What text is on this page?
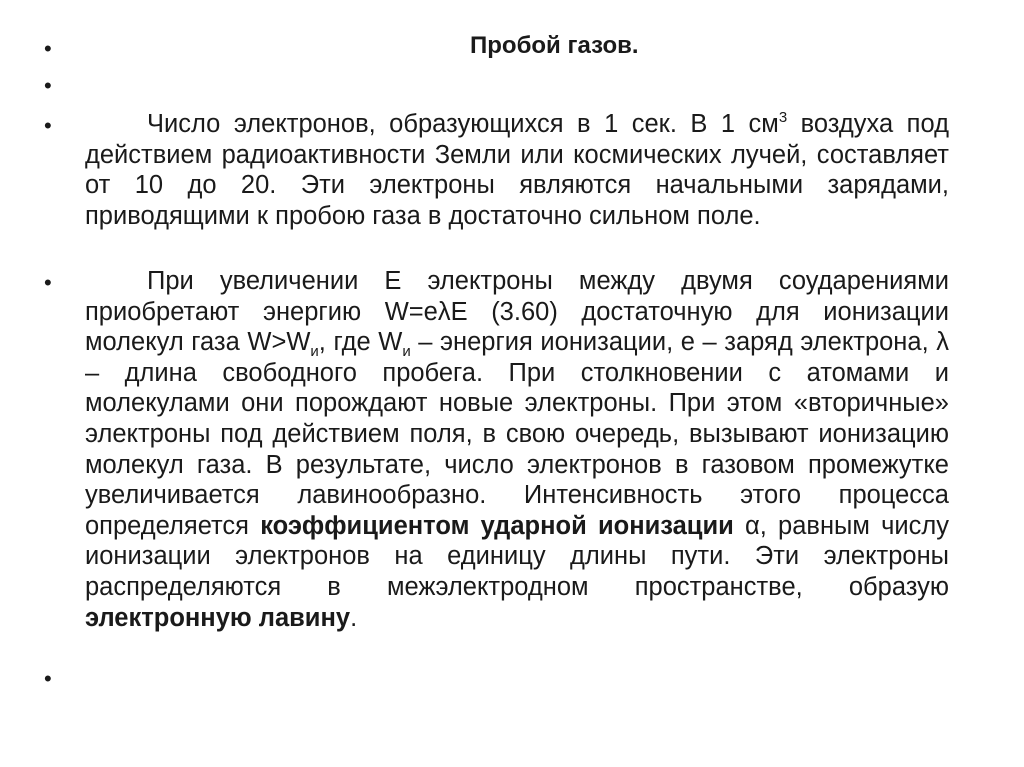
•	Пробой газов.
•
•	Число электронов, образующихся в 1 сек. В 1 $см^3$ воздуха под действием радиоактивности Земли или космических лучей, составляет от 10 до 20. Эти электроны являются начальными зарядами, приводящими к пробою газа в достаточно сильном поле.
•	При увеличении E электроны между двумя соударениями приобретают энергию W=eλE (3.60) достаточную для ионизации молекул газа $W>W_и$, где $W_и$ – энергия ионизации, e – заряд электрона, λ – длина свободного пробега. При столкновении с атомами и молекулами они порождают новые электроны. При этом «вторичные» электроны под действием поля, в свою очередь, вызывают ионизацию молекул газа. В результате, число электронов в газовом промежутке увеличивается лавинообразно. Интенсивность этого процесса определяется коэффициентом ударной ионизации α, равным числу ионизации электронов на единицу длины пути. Эти электроны распределяются в межэлектродном пространстве, образую электронную лавину.
•
